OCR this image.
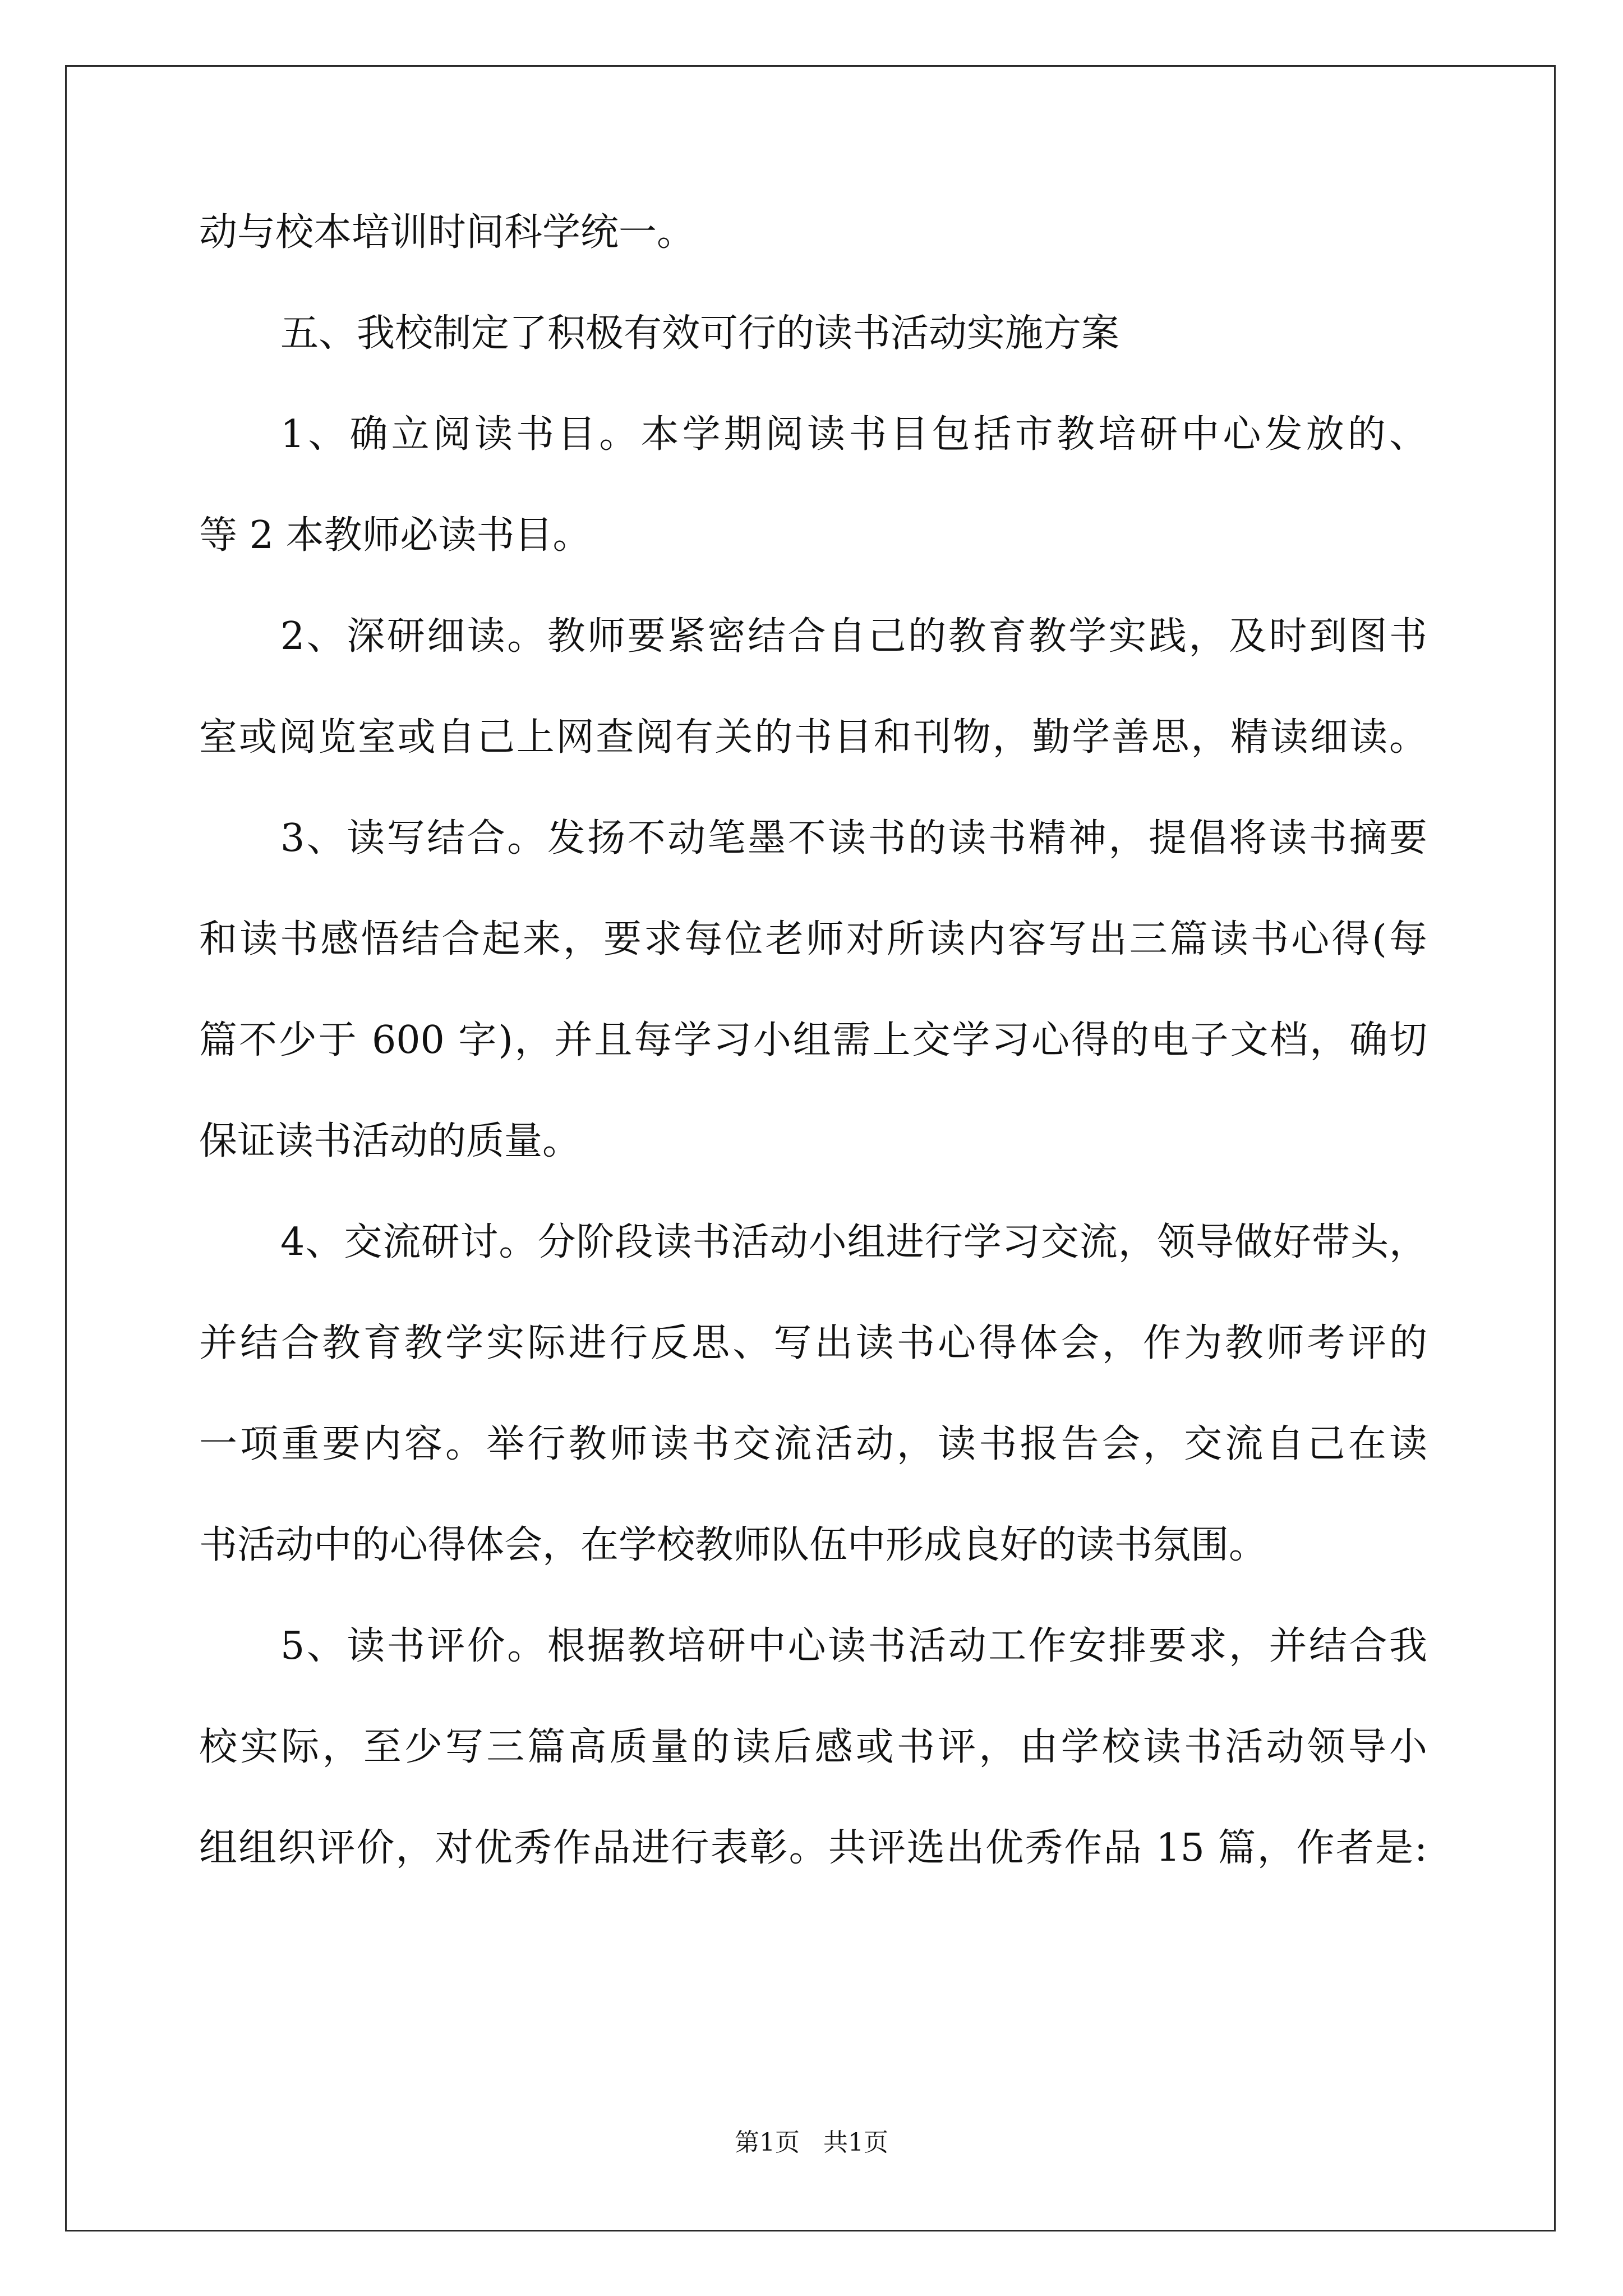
动与校本培训时间科学统一。
五、我校制定了积极有效可行的读书活动实施方案
1、确立阅读书目。本学期阅读书目包括市教培研中心发放的、
等 2 本教师必读书目。
2、深研细读。教师要紧密结合自己的教育教学实践，及时到图书
室或阅览室或自己上网查阅有关的书目和刊物，勤学善思，精读细读。
3、读写结合。发扬不动笔墨不读书的读书精神，提倡将读书摘要
和读书感悟结合起来，要求每位老师对所读内容写出三篇读书心得(每
篇不少于 600 字)，并且每学习小组需上交学习心得的电子文档，确切
保证读书活动的质量。
4、交流研讨。分阶段读书活动小组进行学习交流，领导做好带头，
并结合教育教学实际进行反思、写出读书心得体会，作为教师考评的
一项重要内容。举行教师读书交流活动，读书报告会，交流自己在读
书活动中的心得体会，在学校教师队伍中形成良好的读书氛围。
5、读书评价。根据教培研中心读书活动工作安排要求，并结合我
校实际，至少写三篇高质量的读后感或书评，由学校读书活动领导小
组组织评价，对优秀作品进行表彰。共评选出优秀作品 15 篇，作者是:
第1页   共1页
